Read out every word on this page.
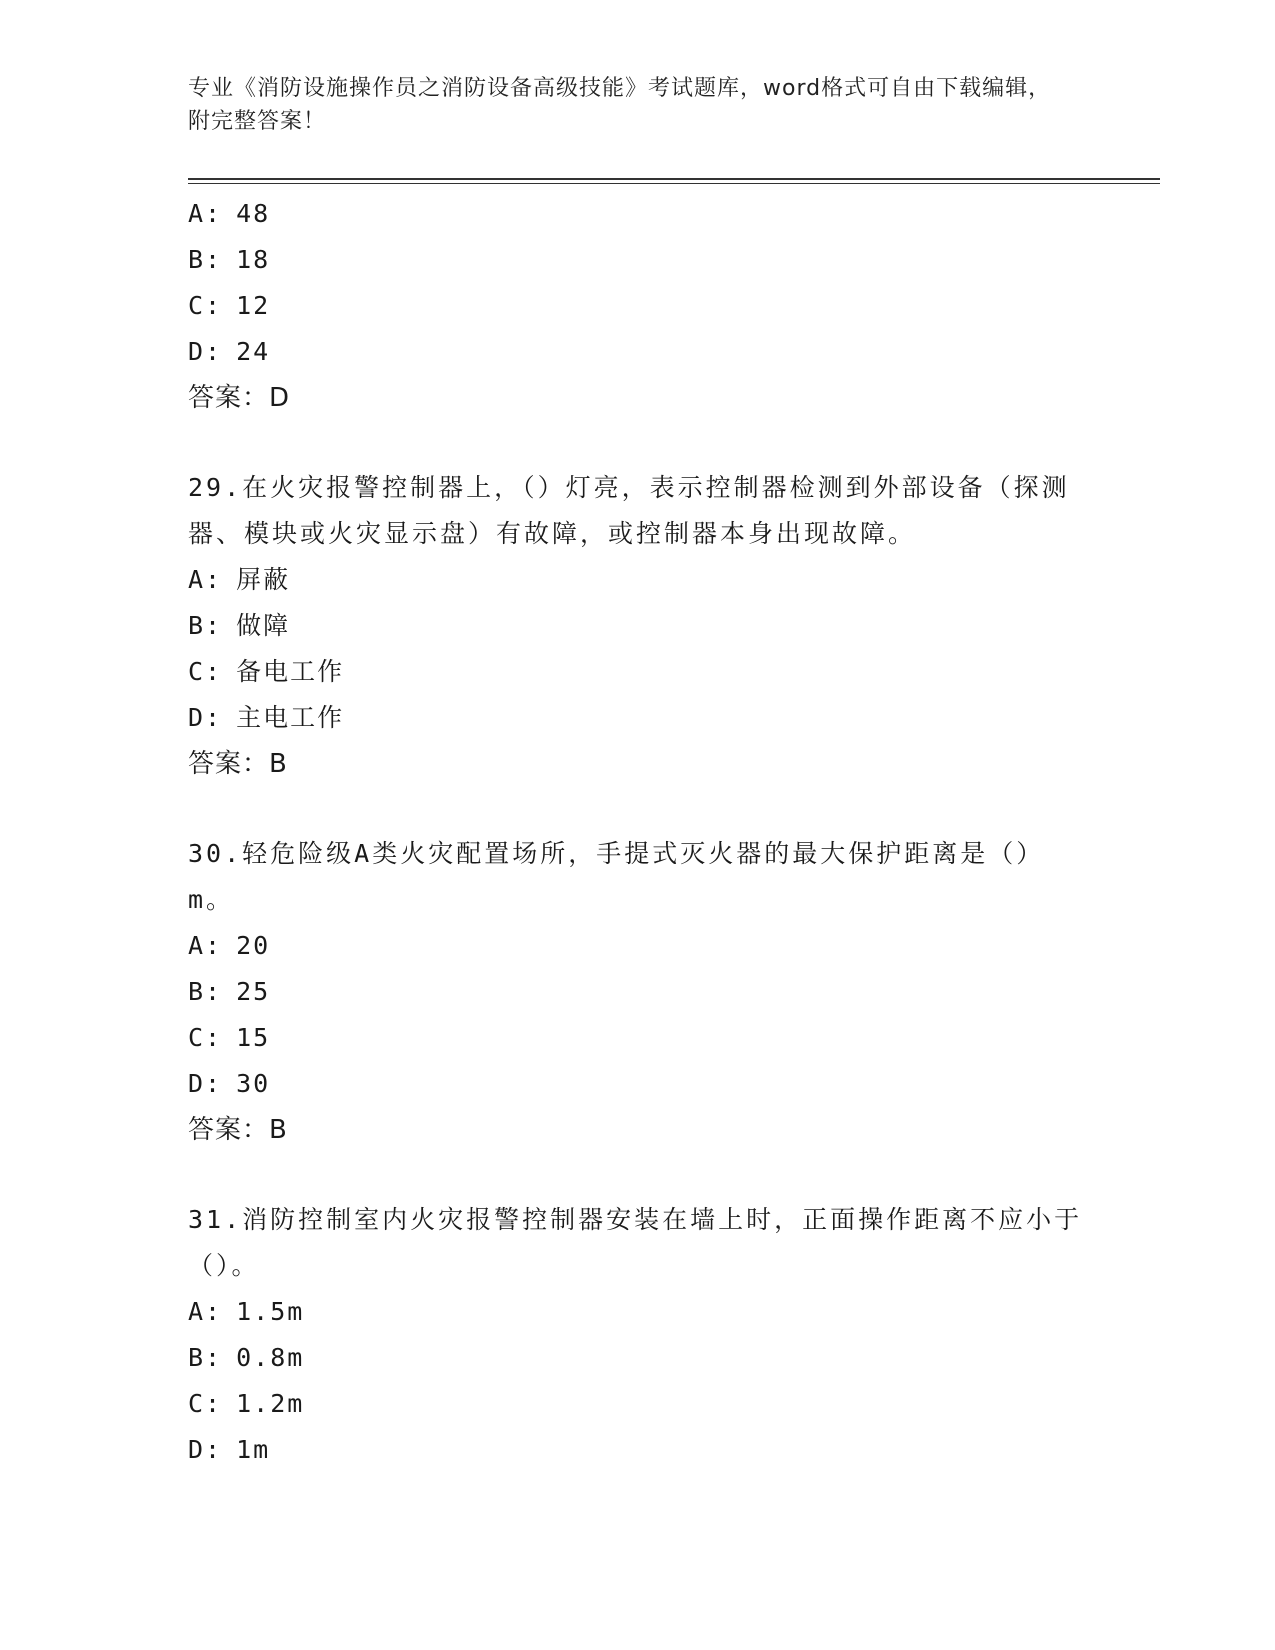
专业《消防设施操作员之消防设备高级技能》考试题库，word格式可自由下载编辑，附完整答案！
A: 48
B: 18
C: 12
D: 24
答案：D
29.在火灾报警控制器上，（）灯亮，表示控制器检测到外部设备（探测器、模块或火灾显示盘）有故障，或控制器本身出现故障。
A: 屏蔽
B: 做障
C: 备电工作
D: 主电工作
答案：B
30.轻危险级A类火灾配置场所，手提式灭火器的最大保护距离是（）m。
A: 20
B: 25
C: 15
D: 30
答案：B
31.消防控制室内火灾报警控制器安装在墙上时，正面操作距离不应小于（）。
A: 1.5m
B: 0.8m
C: 1.2m
D: 1m
